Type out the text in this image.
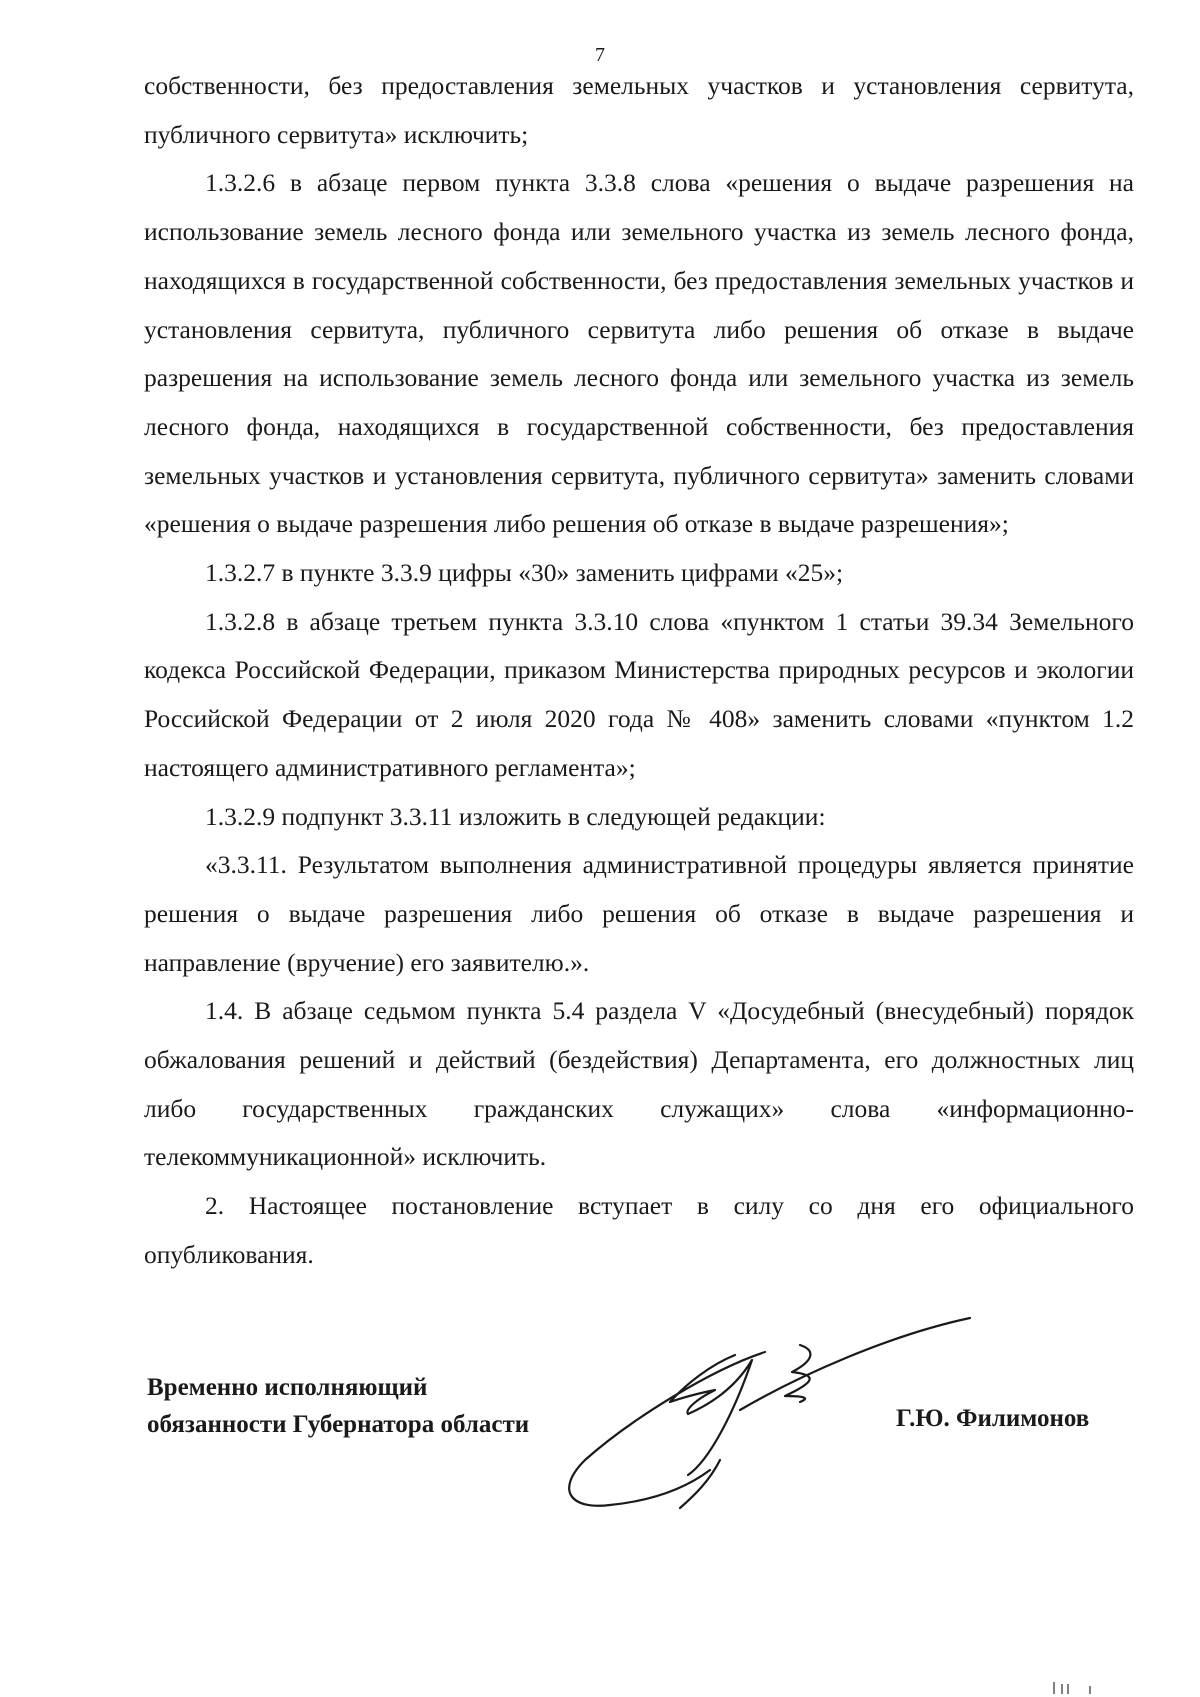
7

собственности, без предоставления земельных участков и установления сервитута, публичного сервитута» исключить;

1.3.2.6 в абзаце первом пункта 3.3.8 слова «решения о выдаче разрешения на использование земель лесного фонда или земельного участка из земель лесного фонда, находящихся в государственной собственности, без предоставления земельных участков и установления сервитута, публичного сервитута либо решения об отказе в выдаче разрешения на использование земель лесного фонда или земельного участка из земель лесного фонда, находящихся в государственной собственности, без предоставления земельных участков и установления сервитута, публичного сервитута» заменить словами «решения о выдаче разрешения либо решения об отказе в выдаче разрешения»;

1.3.2.7 в пункте 3.3.9 цифры «30» заменить цифрами «25»;

1.3.2.8 в абзаце третьем пункта 3.3.10 слова «пунктом 1 статьи 39.34 Земельного кодекса Российской Федерации, приказом Министерства природных ресурсов и экологии Российской Федерации от 2 июля 2020 года № 408» заменить словами «пунктом 1.2 настоящего административного регламента»;

1.3.2.9 подпункт 3.3.11 изложить в следующей редакции:

«3.3.11. Результатом выполнения административной процедуры является принятие решения о выдаче разрешения либо решения об отказе в выдаче разрешения и направление (вручение) его заявителю.».

1.4. В абзаце седьмом пункта 5.4 раздела V «Досудебный (внесудебный) порядок обжалования решений и действий (бездействия) Департамента, его должностных лиц либо государственных гражданских служащих» слова «информационно-телекоммуникационной» исключить.

2. Настоящее постановление вступает в силу со дня его официального опубликования.

Временно исполняющий
обязанности Губернатора области	Г.Ю. Филимонов
